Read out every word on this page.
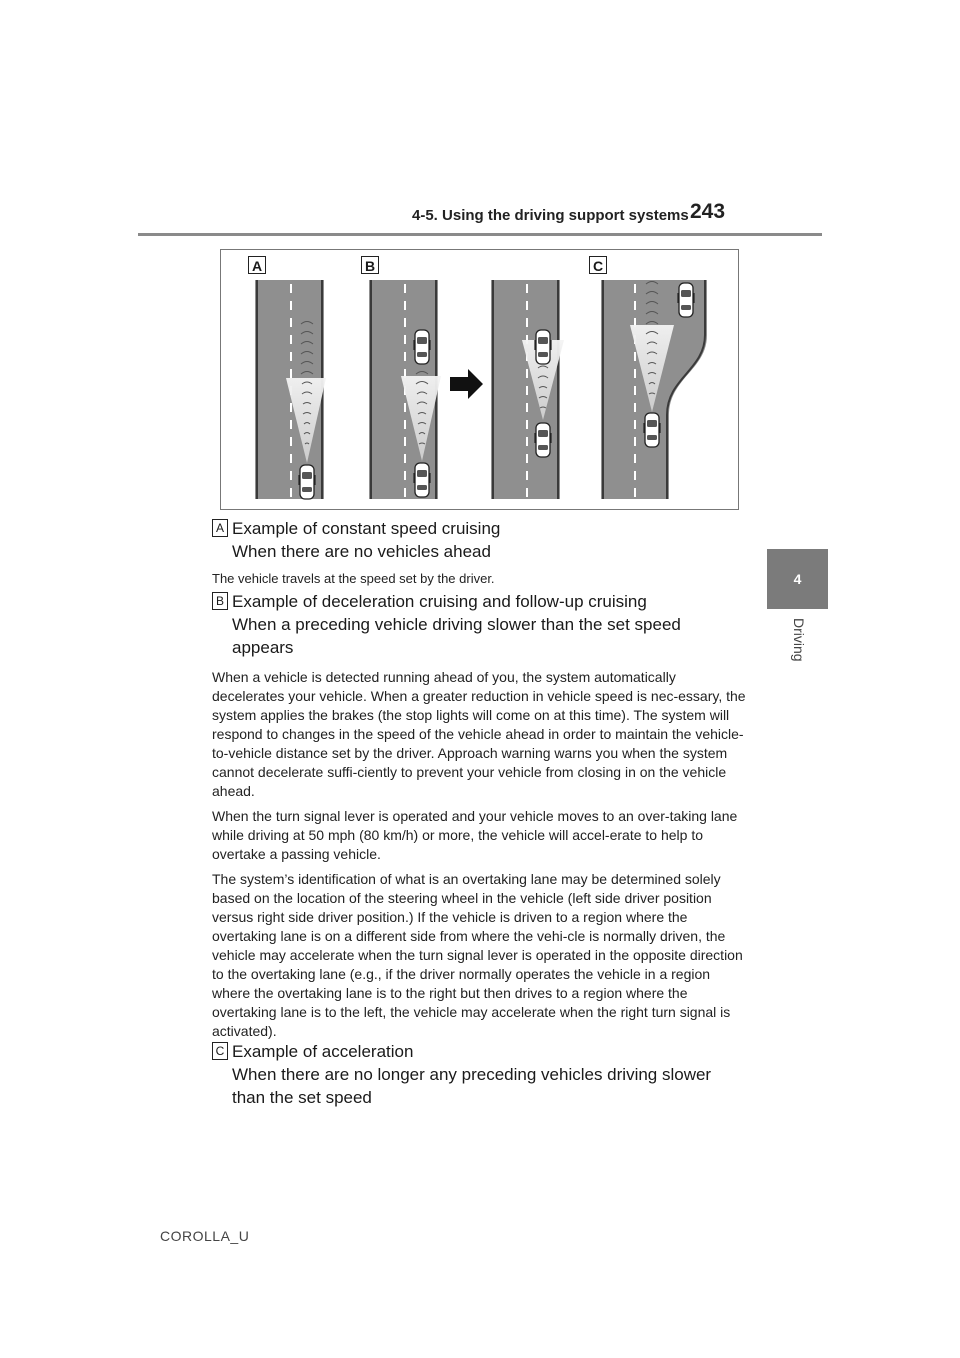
4-5. Using the driving support systems 243
4
Driving
A	B	C
A Example of constant speed cruising
When there are no vehicles ahead

The vehicle travels at the speed set by the driver.

B Example of deceleration cruising and follow-up cruising
When a preceding vehicle driving slower than the set speed
appears

When a vehicle is detected running ahead of you, the system automatically decelerates your vehicle. When a greater reduction in vehicle speed is nec-essary, the system applies the brakes (the stop lights will come on at this time). The system will respond to changes in the speed of the vehicle ahead in order to maintain the vehicle-to-vehicle distance set by the driver. Approach warning warns you when the system cannot decelerate suffi-ciently to prevent your vehicle from closing in on the vehicle ahead.

When the turn signal lever is operated and your vehicle moves to an over-taking lane while driving at 50 mph (80 km/h) or more, the vehicle will accel-erate to help to overtake a passing vehicle.

The system’s identification of what is an overtaking lane may be determined solely based on the location of the steering wheel in the vehicle (left side driver position versus right side driver position.) If the vehicle is driven to a region where the overtaking lane is on a different side from where the vehi-cle is normally driven, the vehicle may accelerate when the turn signal lever is operated in the opposite direction to the overtaking lane (e.g., if the driver normally operates the vehicle in a region where the overtaking lane is to the right but then drives to a region where the overtaking lane is to the left, the vehicle may accelerate when the right turn signal is activated).

C Example of acceleration
When there are no longer any preceding vehicles driving slower
than the set speed
COROLLA_U
